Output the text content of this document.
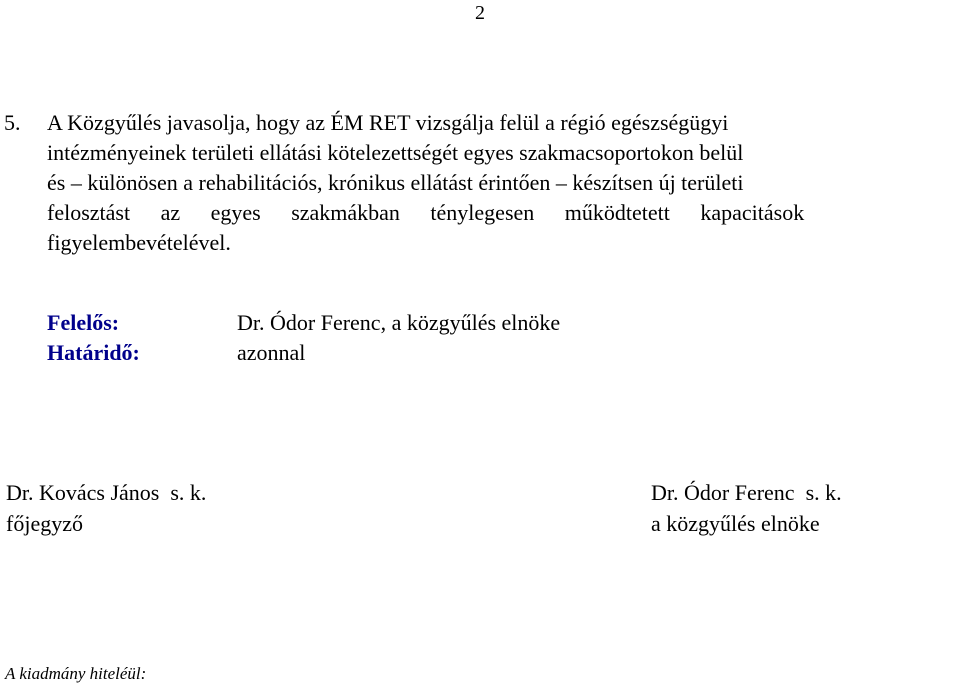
2
5. A Közgyűlés javasolja, hogy az ÉM RET vizsgálja felül a régió egészségügyi
intézményeinek területi ellátási kötelezettségét egyes szakmacsoportokon belül
és – különösen a rehabilitációs, krónikus ellátást érintően – készítsen új területi
felosztást az egyes szakmákban ténylegesen működtetett kapacitások
figyelembevételével.
Felelős:	Dr. Ódor Ferenc, a közgyűlés elnöke
Határidő:	azonnal
Dr. Kovács János  s. k.
főjegyző
Dr. Ódor Ferenc  s. k.
a közgyűlés elnöke
A kiadmány hiteléül:
